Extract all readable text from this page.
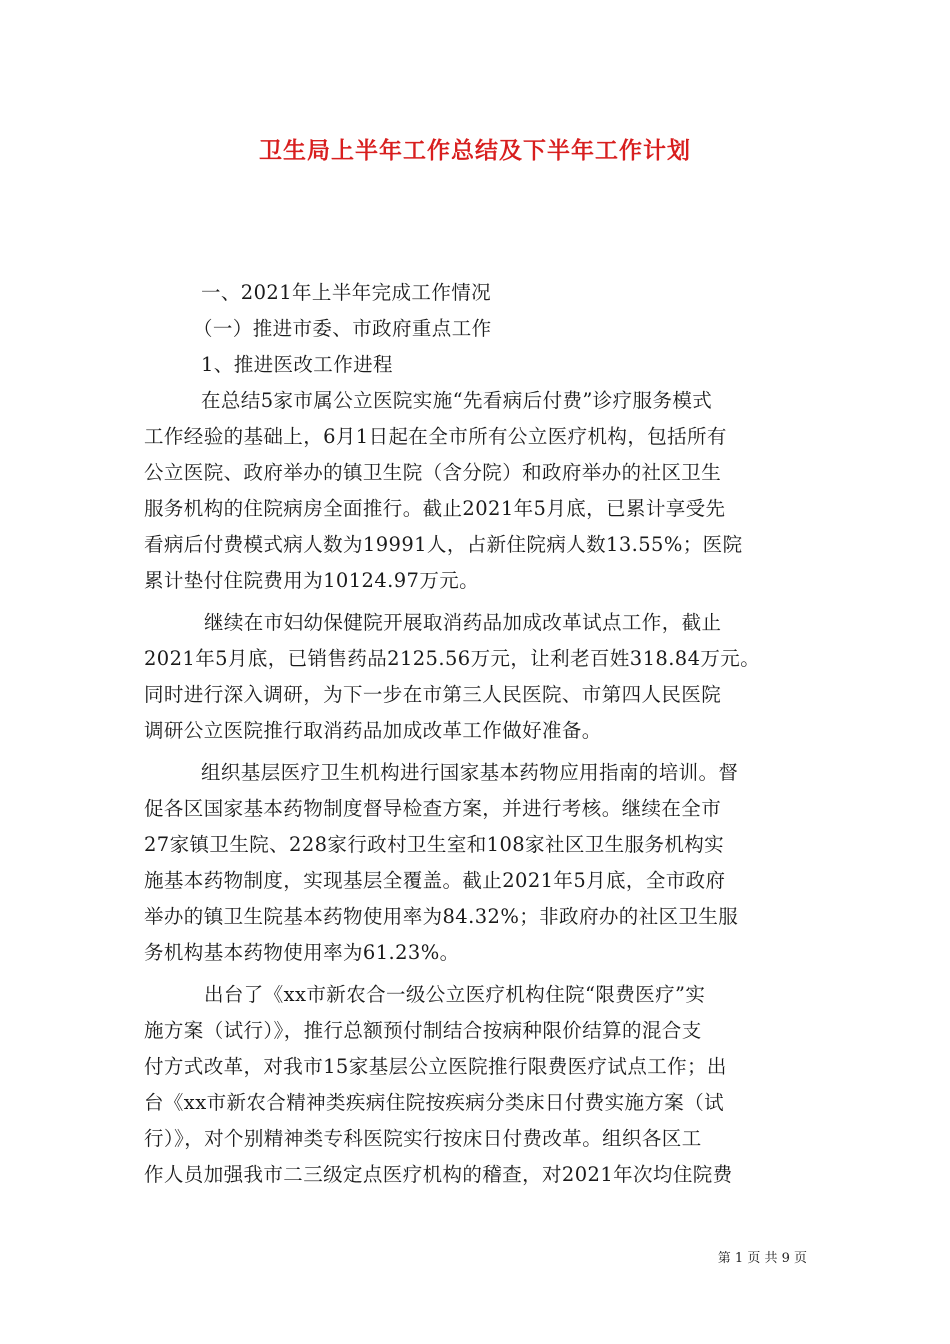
卫生局上半年工作总结及下半年工作计划
一、2021年上半年完成工作情况
（一）推进市委、市政府重点工作
1、推进医改工作进程
在总结5家市属公立医院实施“先看病后付费”诊疗服务模式
工作经验的基础上，6月1日起在全市所有公立医疗机构，包括所有
公立医院、政府举办的镇卫生院（含分院）和政府举办的社区卫生
服务机构的住院病房全面推行。截止2021年5月底，已累计享受先
看病后付费模式病人数为19991人，占新住院病人数13.55%；医院
累计垫付住院费用为10124.97万元。
继续在市妇幼保健院开展取消药品加成改革试点工作，截止
2021年5月底，已销售药品2125.56万元，让利老百姓318.84万元。
同时进行深入调研，为下一步在市第三人民医院、市第四人民医院
调研公立医院推行取消药品加成改革工作做好准备。
组织基层医疗卫生机构进行国家基本药物应用指南的培训。督
促各区国家基本药物制度督导检查方案，并进行考核。继续在全市
27家镇卫生院、228家行政村卫生室和108家社区卫生服务机构实
施基本药物制度，实现基层全覆盖。截止2021年5月底，全市政府
举办的镇卫生院基本药物使用率为84.32%；非政府办的社区卫生服
务机构基本药物使用率为61.23%。
出台了《xx市新农合一级公立医疗机构住院“限费医疗”实
施方案（试行）》，推行总额预付制结合按病种限价结算的混合支
付方式改革，对我市15家基层公立医院推行限费医疗试点工作；出
台《xx市新农合精神类疾病住院按疾病分类床日付费实施方案（试
行）》，对个别精神类专科医院实行按床日付费改革。组织各区工
作人员加强我市二三级定点医疗机构的稽查，对2021年次均住院费
第 1 页 共 9 页
